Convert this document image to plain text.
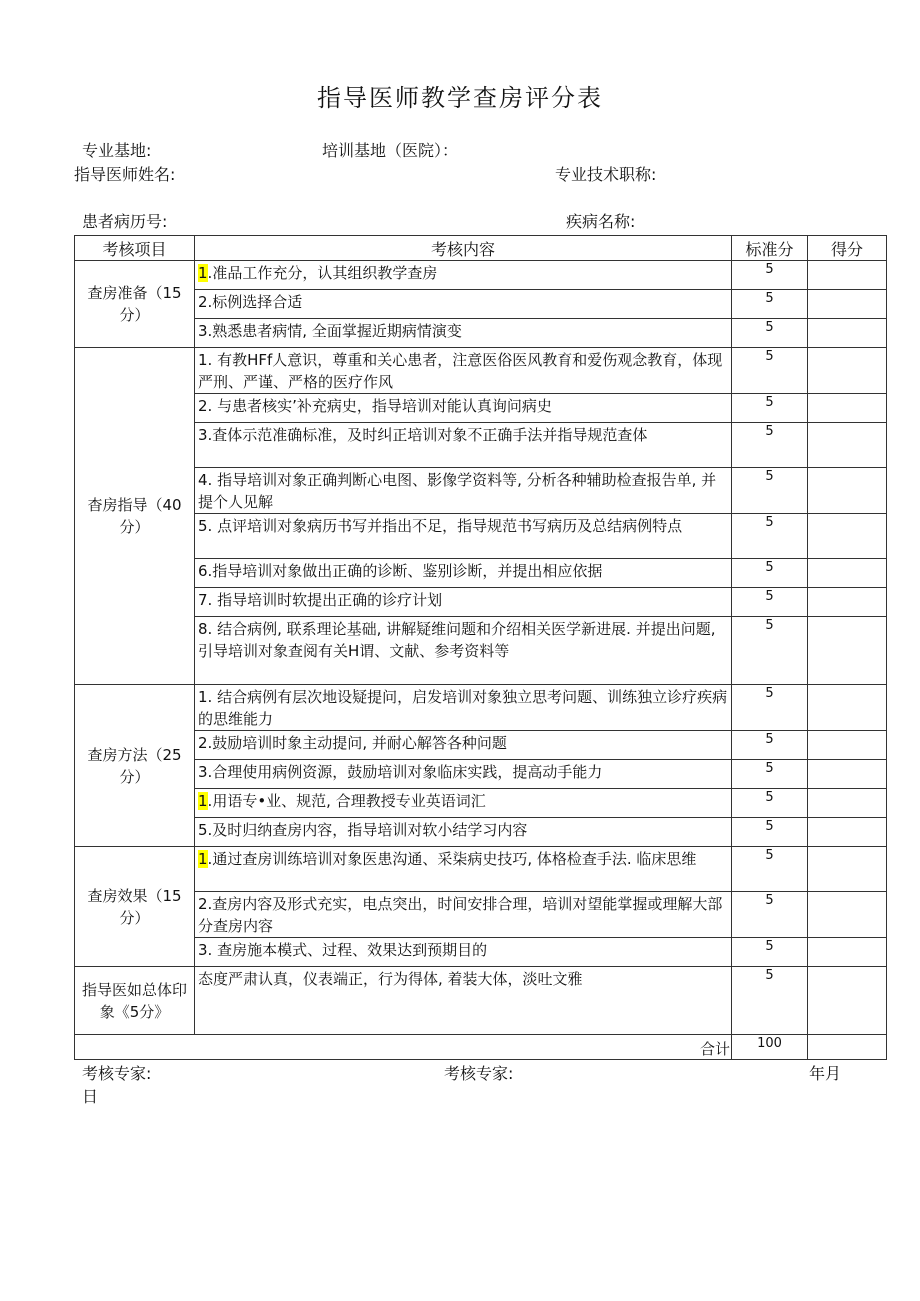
指导医师教学查房评分表
专业基地:	培训基地（医院）：
指导医师姓名:	专业技术职称:
患者病历号:	疾病名称:
考核项目	考核内容	标准分	得分
查房准备（15分）	1.准品工作充分，认其组织教学查房	5	
	2.标例选择合适	5	
	3.熟悉患者病情, 全面掌握近期病情演变	5	
杳房指导（40分）	1. 有教HFf人意识，尊重和关心患者，注意医俗医风教育和爱伤观念教育，体现严刑、严谨、严格的医疗作风	5	
	2. 与患者核实’补充病史，指导培训对能认真询问病史	5	
	3.査体示范准确标准，及时纠正培训对象不正确手法并指导规范查体	5	
	4. 指导培训对象正确判断心电图、影像学资料等, 分析各种辅助检查报告单, 并提个人见解	5	
	5. 点评培训对象病历书写并指出不足，指导规范书写病历及总结病例特点	5	
	6.指导培训对象做出正确的诊断、鉴别诊断，并提出相应依据	5	
	7. 指导培训时软提出正确的诊疗计划	5	
	8. 结合病例, 联系理论基础, 讲解疑维问题和介绍相关医学新进展. 并提出问题, 引导培训对象查阅有关H谓、文献、参考资料等	5	
查房方法（25分）	1. 结合病例有层次地设疑提问，启发培训对象独立思考问题、训练独立诊疗疾病的思维能力	5	
	2.鼓励培训时象主动提问, 并耐心解答各种问题	5	
	3.合理使用病例资源，鼓励培训对象临床实践，提高动手能力	5	
	1.用语专•业、规范, 合理教授专业英语词汇	5	
	5.及时归纳查房内容，指导培训对软小结学习内容	5	
查房效果（15分）	1.通过查房训练培训对象医患沟通、采柒病史技巧, 体格检查手法. 临床思维	5	
	2.查房内容及形式充实，电点突出，时间安排合理，培训对望能掌握或理解大部分查房内容	5	
	3. 查房施本模式、过程、效果达到预期目的	5	
指导医如总体印象《5分》	态度严肃认真，仪表端正，行为得体, 着装大体，淡吐文雅	5	
合计		100	
考核专家:	考核专家:	年月
日
